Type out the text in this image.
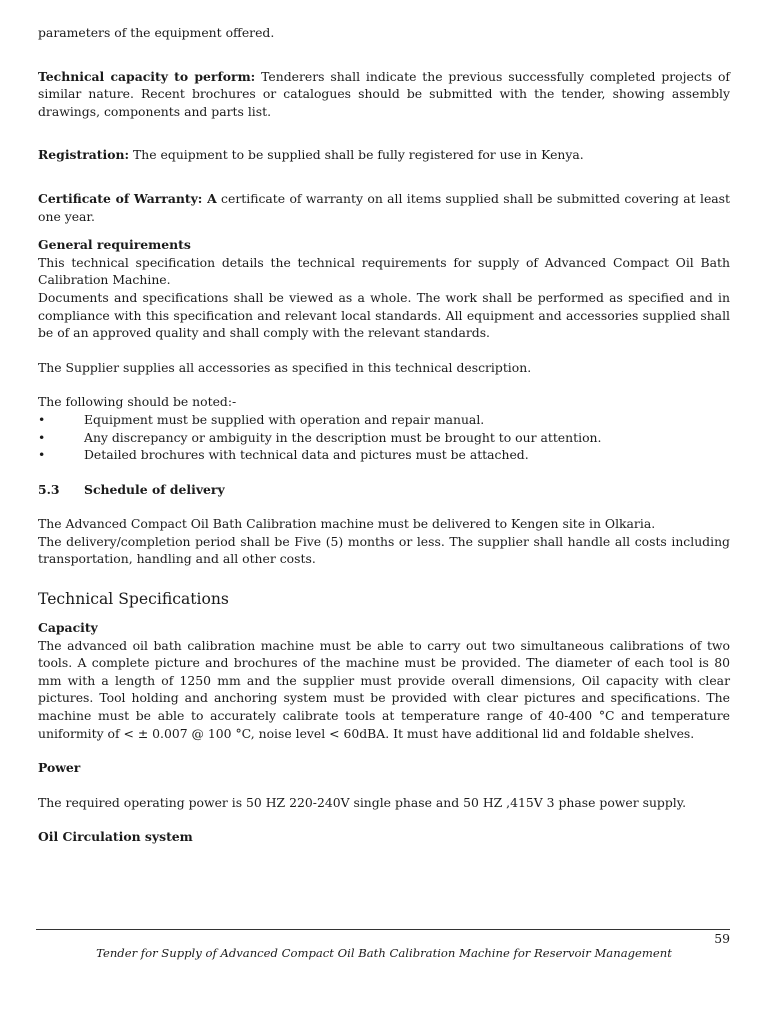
parameters of the equipment offered.

Technical capacity to perform: Tenderers shall indicate the previous successfully completed projects of similar nature. Recent brochures or catalogues should be submitted with the tender, showing assembly drawings, components and parts list.

Registration: The equipment to be supplied shall be fully registered for use in Kenya.

Certificate of Warranty: A certificate of warranty on all items supplied shall be submitted covering at least one year.

General requirements

This technical specification details the technical requirements for supply of Advanced Compact Oil Bath Calibration Machine.

Documents and specifications shall be viewed as a whole. The work shall be performed as specified and in compliance with this specification and relevant local standards. All equipment and accessories supplied shall be of an approved quality and shall comply with the relevant standards.

The Supplier supplies all accessories as specified in this technical description.

The following should be noted:-

•	Equipment must be supplied with operation and repair manual.
•	Any discrepancy or ambiguity in the description must be brought to our attention.
•	Detailed brochures with technical data and pictures must be attached.

5.3 Schedule of delivery

The Advanced Compact Oil Bath Calibration machine must be delivered to Kengen site in Olkaria.

The delivery/completion period shall be Five (5) months or less. The supplier shall handle all costs including transportation, handling and all other costs.

Technical Specifications

Capacity

The advanced oil bath calibration machine must be able to carry out two simultaneous calibrations of two tools. A complete picture and brochures of the machine must be provided. The diameter of each tool is 80 mm with a length of 1250 mm and the supplier must provide overall dimensions, Oil capacity with clear pictures. Tool holding and anchoring system must be provided with clear pictures and specifications. The machine must be able to accurately calibrate tools at temperature range of 40-400 °C and temperature uniformity of < ± 0.007 @ 100 °C, noise level < 60dBA. It must have additional lid and foldable shelves.

Power

The required operating power is 50 HZ 220-240V single phase and 50 HZ ,415V 3 phase power supply.

Oil Circulation system

59
Tender for Supply of Advanced Compact Oil Bath Calibration Machine for Reservoir Management
